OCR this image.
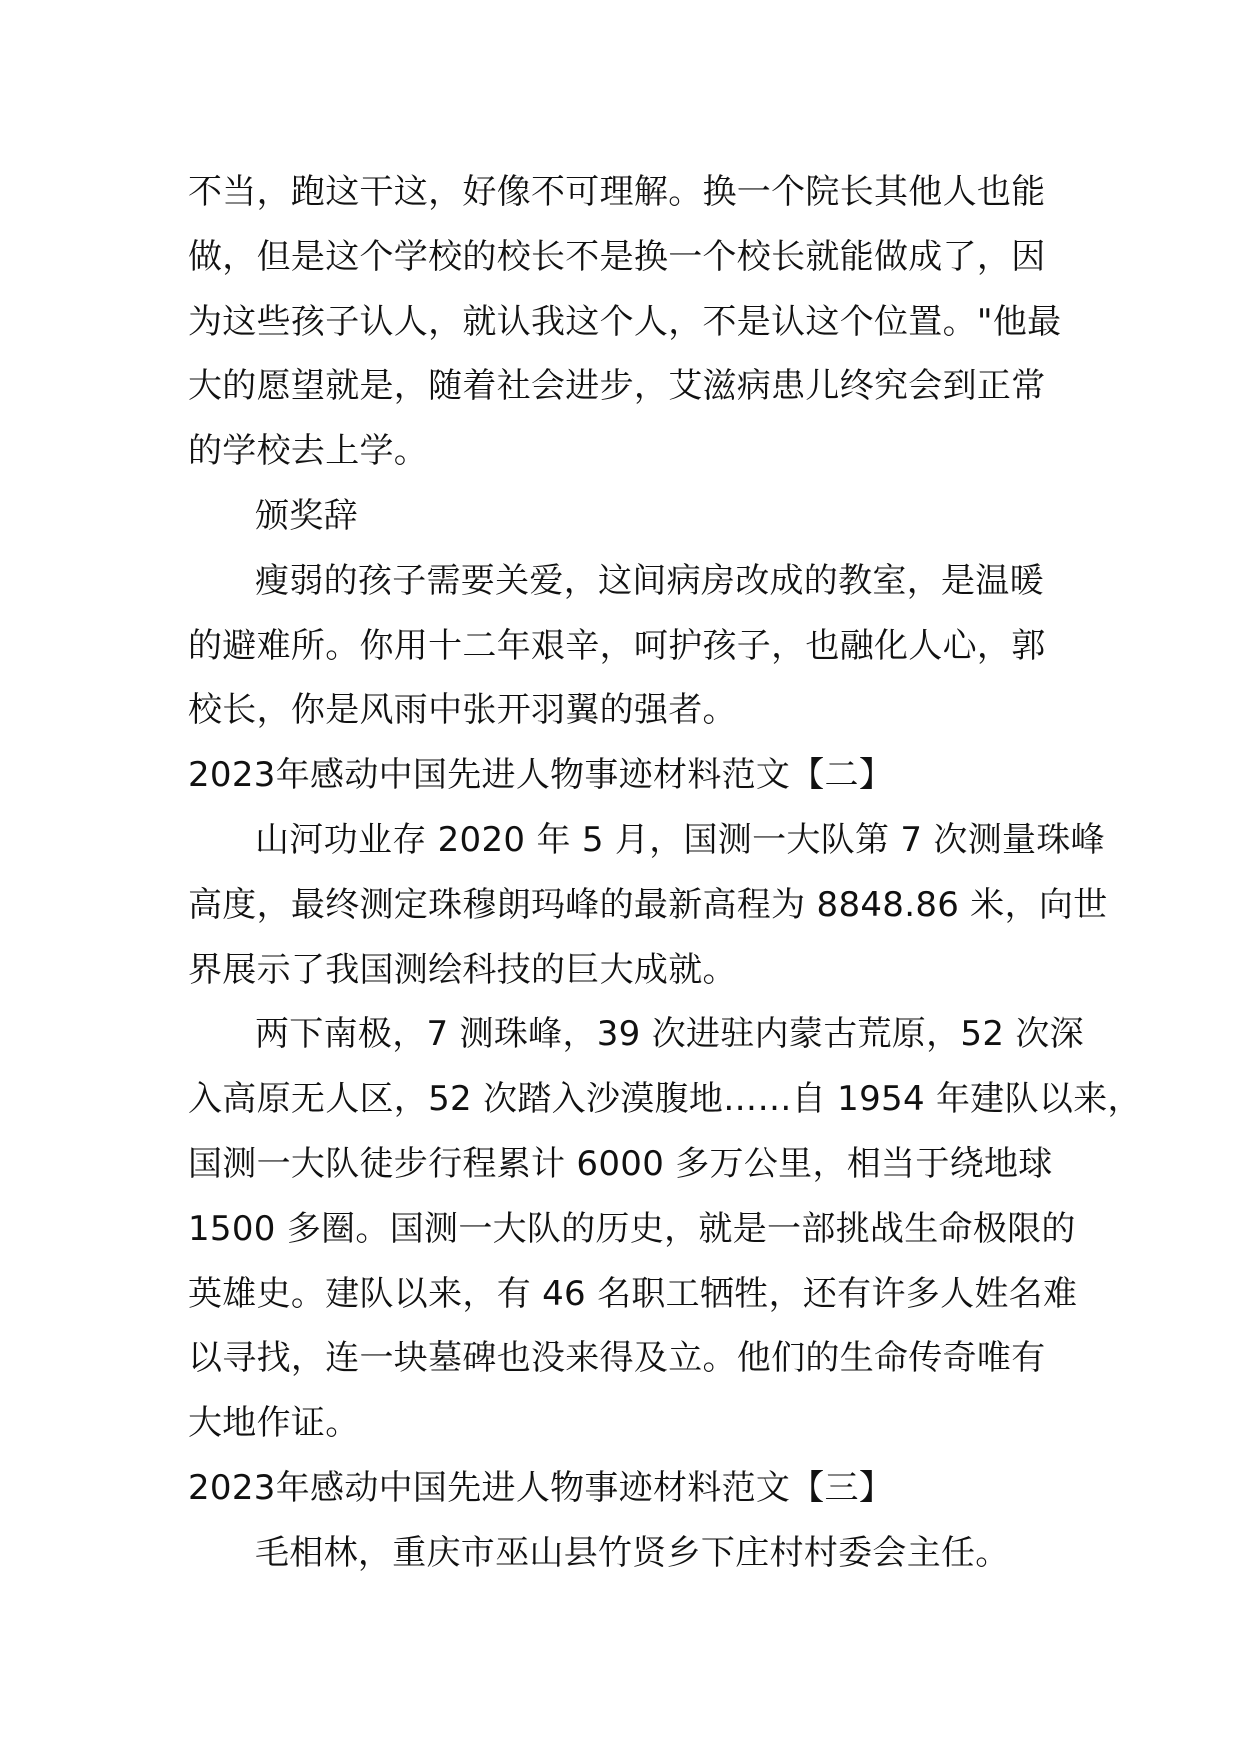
不当，跑这干这，好像不可理解。换一个院长其他人也能

做，但是这个学校的校长不是换一个校长就能做成了，因

为这些孩子认人，就认我这个人，不是认这个位置。"他最

大的愿望就是，随着社会进步，艾滋病患儿终究会到正常

的学校去上学。

颁奖辞

瘦弱的孩子需要关爱，这间病房改成的教室，是温暖

的避难所。你用十二年艰辛，呵护孩子，也融化人心，郭

校长，你是风雨中张开羽翼的强者。

2023年感动中国先进人物事迹材料范文【二】

山河功业存 2020 年 5 月，国测一大队第 7 次测量珠峰

高度，最终测定珠穆朗玛峰的最新高程为 8848.86 米，向世

界展示了我国测绘科技的巨大成就。

两下南极，7 测珠峰，39 次进驻内蒙古荒原，52 次深

入高原无人区，52 次踏入沙漠腹地……自 1954 年建队以来，

国测一大队徒步行程累计 6000 多万公里，相当于绕地球

1500 多圈。国测一大队的历史，就是一部挑战生命极限的

英雄史。建队以来，有 46 名职工牺牲，还有许多人姓名难

以寻找，连一块墓碑也没来得及立。他们的生命传奇唯有

大地作证。

2023年感动中国先进人物事迹材料范文【三】

毛相林，重庆市巫山县竹贤乡下庄村村委会主任。
